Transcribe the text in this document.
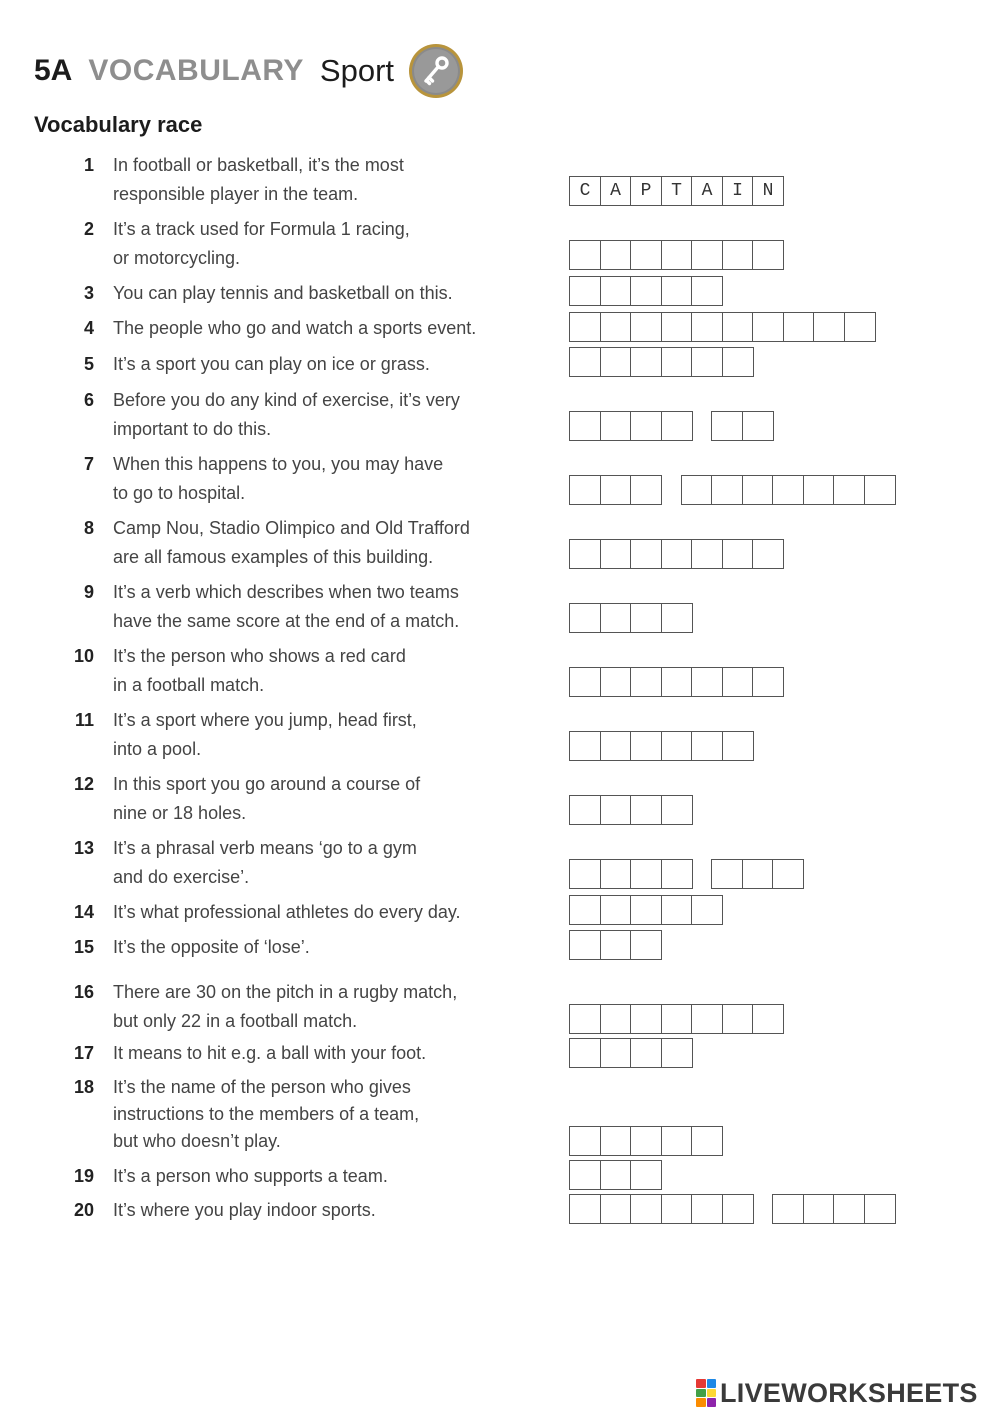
5A VOCABULARY Sport
Vocabulary race
1 In football or basketball, it’s the most
responsible player in the team.	C	A	P	T	A	I	N
2 It’s a track used for Formula 1 racing,
or motorcycling.
3 You can play tennis and basketball on this.
4 The people who go and watch a sports event.
5 It’s a sport you can play on ice or grass.
6 Before you do any kind of exercise, it’s very
important to do this.
7 When this happens to you, you may have
to go to hospital.
8 Camp Nou, Stadio Olimpico and Old Trafford
are all famous examples of this building.
9 It’s a verb which describes when two teams
have the same score at the end of a match.
10 It’s the person who shows a red card
in a football match.
11 It’s a sport where you jump, head first,
into a pool.
12 In this sport you go around a course of
nine or 18 holes.
13 It’s a phrasal verb means ‘go to a gym
and do exercise’.
14 It’s what professional athletes do every day.
15 It’s the opposite of ‘lose’.
16 There are 30 on the pitch in a rugby match,
but only 22 in a football match.
17 It means to hit e.g. a ball with your foot.
18 It’s the name of the person who gives
instructions to the members of a team,
but who doesn’t play.
19 It’s a person who supports a team.
20 It’s where you play indoor sports.
LIVEWORKSHEETS
